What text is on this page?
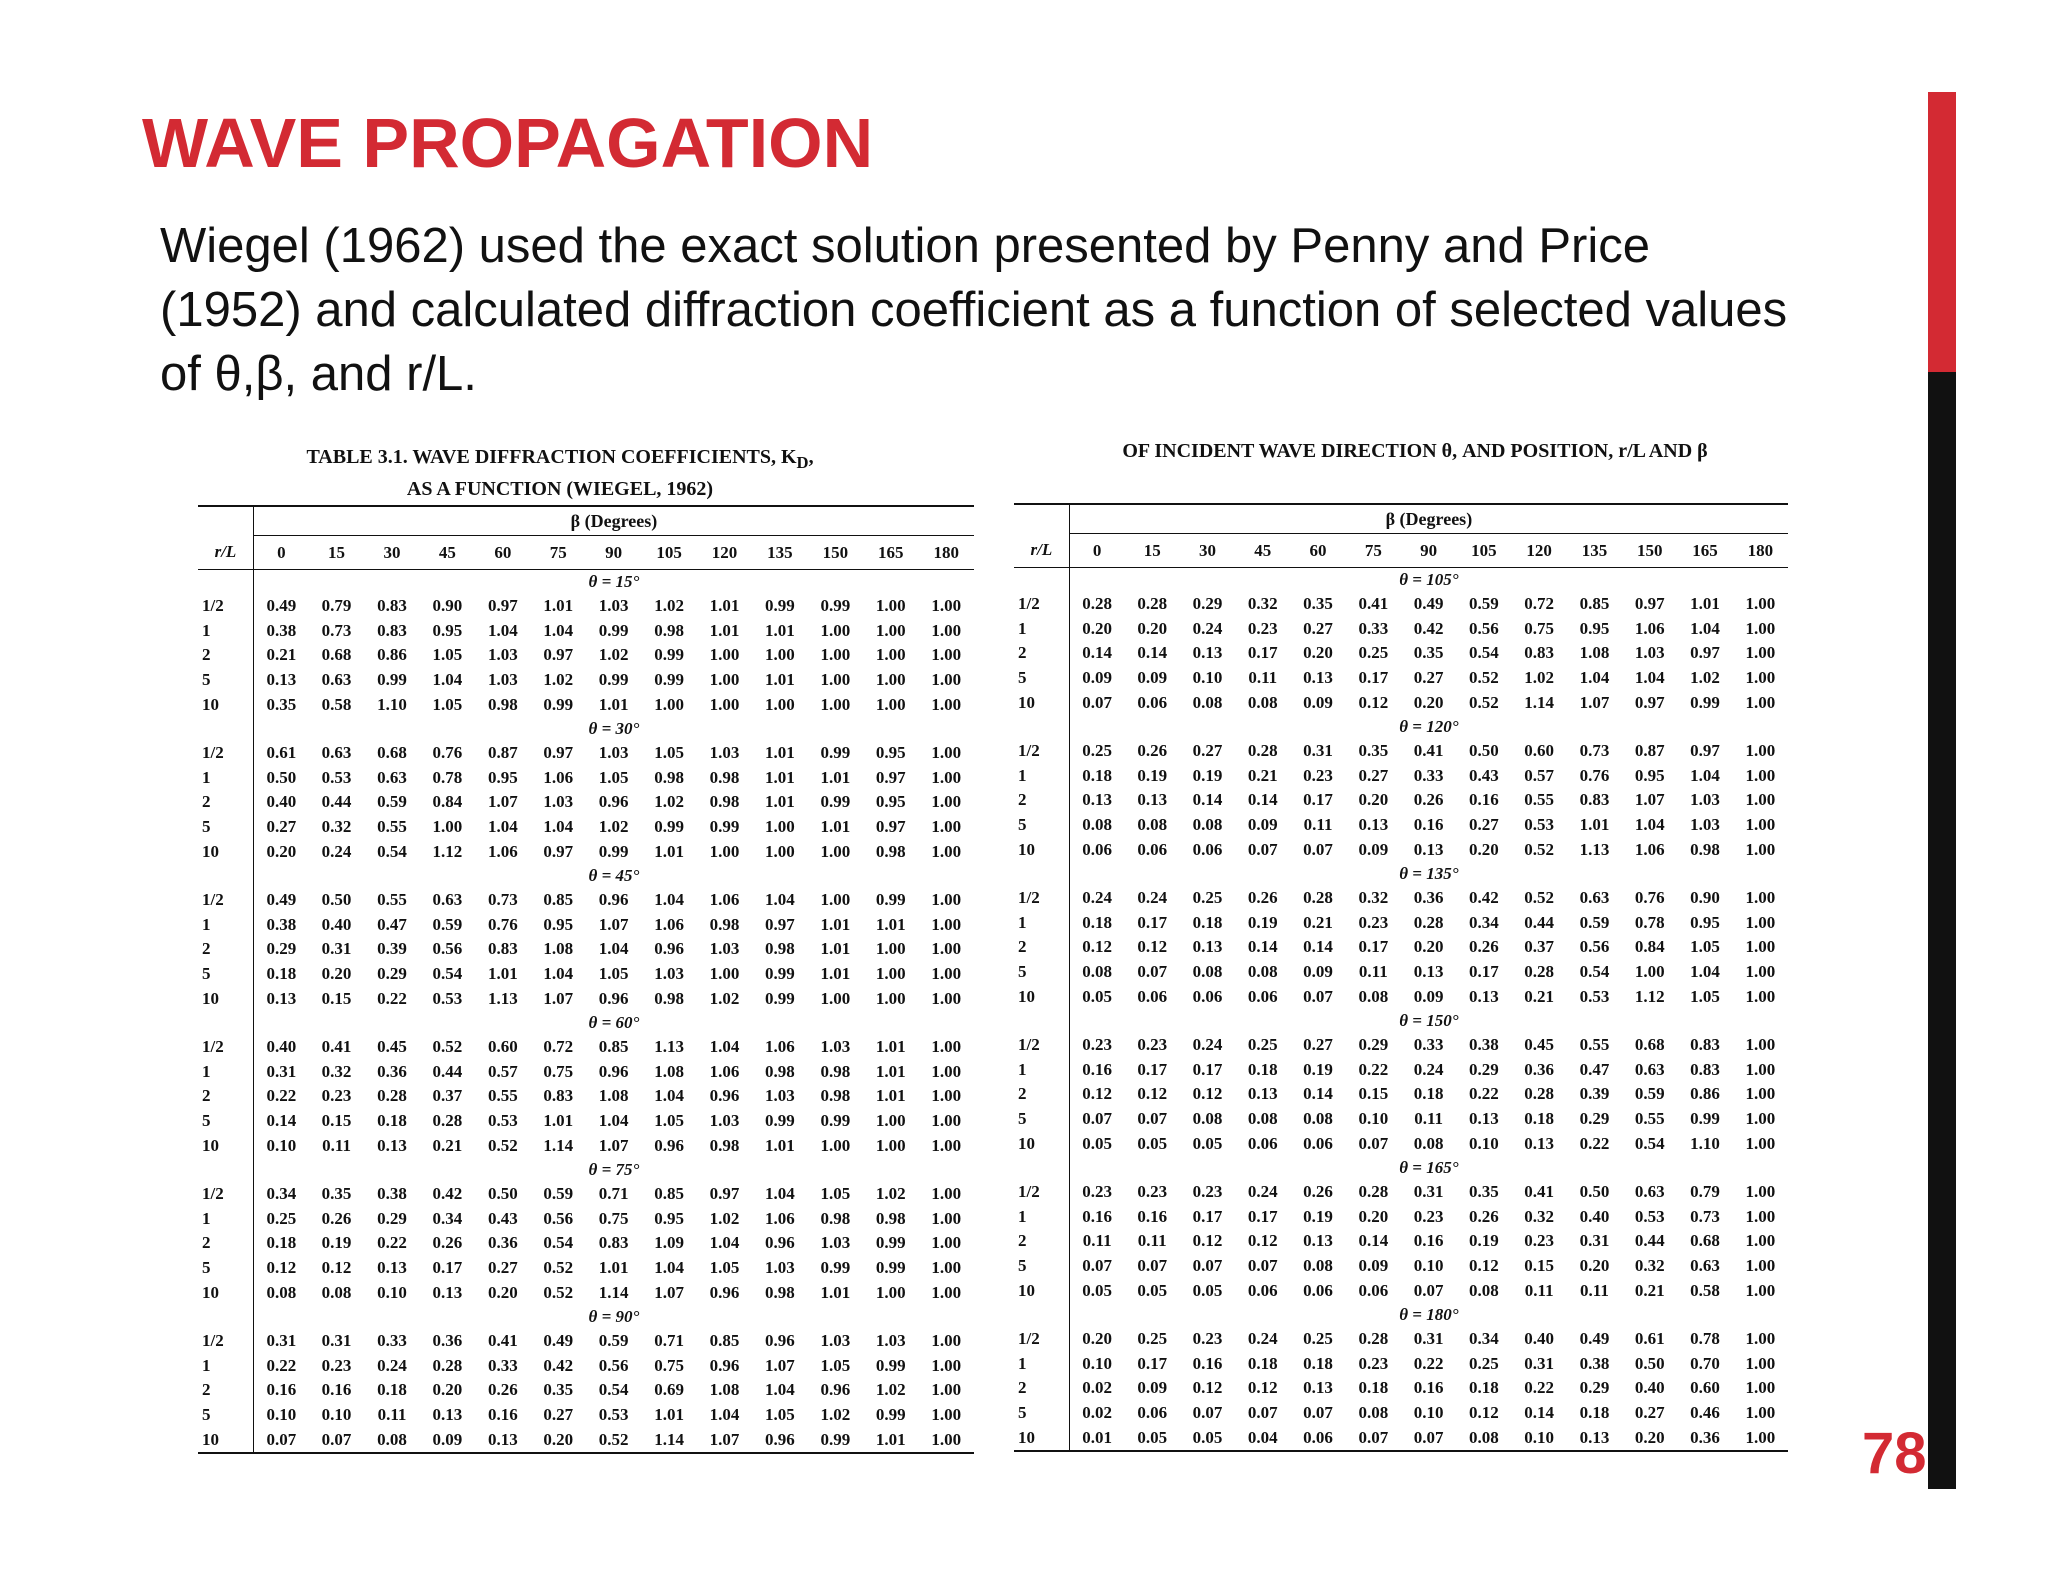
WAVE PROPAGATION

Wiegel (1962) used the exact solution presented by Penny and Price
(1952) and calculated diffraction coefficient as a function of selected values
of θ,β, and r/L.

TABLE 3.1. WAVE DIFFRACTION COEFFICIENTS, $K_D$,
AS A FUNCTION (WIEGEL, 1962)
OF INCIDENT WAVE DIRECTION θ, AND POSITION, r/L AND β
	β (Degrees)												
r/L	0	15	30	45	60	75	90	105	120	135	150	165	180
	θ = 15°												
1/2	0.49	0.79	0.83	0.90	0.97	1.01	1.03	1.02	1.01	0.99	0.99	1.00	1.00
1	0.38	0.73	0.83	0.95	1.04	1.04	0.99	0.98	1.01	1.01	1.00	1.00	1.00
2	0.21	0.68	0.86	1.05	1.03	0.97	1.02	0.99	1.00	1.00	1.00	1.00	1.00
5	0.13	0.63	0.99	1.04	1.03	1.02	0.99	0.99	1.00	1.01	1.00	1.00	1.00
10	0.35	0.58	1.10	1.05	0.98	0.99	1.01	1.00	1.00	1.00	1.00	1.00	1.00
	θ = 30°												
1/2	0.61	0.63	0.68	0.76	0.87	0.97	1.03	1.05	1.03	1.01	0.99	0.95	1.00
1	0.50	0.53	0.63	0.78	0.95	1.06	1.05	0.98	0.98	1.01	1.01	0.97	1.00
2	0.40	0.44	0.59	0.84	1.07	1.03	0.96	1.02	0.98	1.01	0.99	0.95	1.00
5	0.27	0.32	0.55	1.00	1.04	1.04	1.02	0.99	0.99	1.00	1.01	0.97	1.00
10	0.20	0.24	0.54	1.12	1.06	0.97	0.99	1.01	1.00	1.00	1.00	0.98	1.00
	θ = 45°												
1/2	0.49	0.50	0.55	0.63	0.73	0.85	0.96	1.04	1.06	1.04	1.00	0.99	1.00
1	0.38	0.40	0.47	0.59	0.76	0.95	1.07	1.06	0.98	0.97	1.01	1.01	1.00
2	0.29	0.31	0.39	0.56	0.83	1.08	1.04	0.96	1.03	0.98	1.01	1.00	1.00
5	0.18	0.20	0.29	0.54	1.01	1.04	1.05	1.03	1.00	0.99	1.01	1.00	1.00
10	0.13	0.15	0.22	0.53	1.13	1.07	0.96	0.98	1.02	0.99	1.00	1.00	1.00
	θ = 60°												
1/2	0.40	0.41	0.45	0.52	0.60	0.72	0.85	1.13	1.04	1.06	1.03	1.01	1.00
1	0.31	0.32	0.36	0.44	0.57	0.75	0.96	1.08	1.06	0.98	0.98	1.01	1.00
2	0.22	0.23	0.28	0.37	0.55	0.83	1.08	1.04	0.96	1.03	0.98	1.01	1.00
5	0.14	0.15	0.18	0.28	0.53	1.01	1.04	1.05	1.03	0.99	0.99	1.00	1.00
10	0.10	0.11	0.13	0.21	0.52	1.14	1.07	0.96	0.98	1.01	1.00	1.00	1.00
	θ = 75°												
1/2	0.34	0.35	0.38	0.42	0.50	0.59	0.71	0.85	0.97	1.04	1.05	1.02	1.00
1	0.25	0.26	0.29	0.34	0.43	0.56	0.75	0.95	1.02	1.06	0.98	0.98	1.00
2	0.18	0.19	0.22	0.26	0.36	0.54	0.83	1.09	1.04	0.96	1.03	0.99	1.00
5	0.12	0.12	0.13	0.17	0.27	0.52	1.01	1.04	1.05	1.03	0.99	0.99	1.00
10	0.08	0.08	0.10	0.13	0.20	0.52	1.14	1.07	0.96	0.98	1.01	1.00	1.00
	θ = 90°												
1/2	0.31	0.31	0.33	0.36	0.41	0.49	0.59	0.71	0.85	0.96	1.03	1.03	1.00
1	0.22	0.23	0.24	0.28	0.33	0.42	0.56	0.75	0.96	1.07	1.05	0.99	1.00
2	0.16	0.16	0.18	0.20	0.26	0.35	0.54	0.69	1.08	1.04	0.96	1.02	1.00
5	0.10	0.10	0.11	0.13	0.16	0.27	0.53	1.01	1.04	1.05	1.02	0.99	1.00
10	0.07	0.07	0.08	0.09	0.13	0.20	0.52	1.14	1.07	0.96	0.99	1.01	1.00
	β (Degrees)												
r/L	0	15	30	45	60	75	90	105	120	135	150	165	180
	θ = 105°												
1/2	0.28	0.28	0.29	0.32	0.35	0.41	0.49	0.59	0.72	0.85	0.97	1.01	1.00
1	0.20	0.20	0.24	0.23	0.27	0.33	0.42	0.56	0.75	0.95	1.06	1.04	1.00
2	0.14	0.14	0.13	0.17	0.20	0.25	0.35	0.54	0.83	1.08	1.03	0.97	1.00
5	0.09	0.09	0.10	0.11	0.13	0.17	0.27	0.52	1.02	1.04	1.04	1.02	1.00
10	0.07	0.06	0.08	0.08	0.09	0.12	0.20	0.52	1.14	1.07	0.97	0.99	1.00
	θ = 120°												
1/2	0.25	0.26	0.27	0.28	0.31	0.35	0.41	0.50	0.60	0.73	0.87	0.97	1.00
1	0.18	0.19	0.19	0.21	0.23	0.27	0.33	0.43	0.57	0.76	0.95	1.04	1.00
2	0.13	0.13	0.14	0.14	0.17	0.20	0.26	0.16	0.55	0.83	1.07	1.03	1.00
5	0.08	0.08	0.08	0.09	0.11	0.13	0.16	0.27	0.53	1.01	1.04	1.03	1.00
10	0.06	0.06	0.06	0.07	0.07	0.09	0.13	0.20	0.52	1.13	1.06	0.98	1.00
	θ = 135°												
1/2	0.24	0.24	0.25	0.26	0.28	0.32	0.36	0.42	0.52	0.63	0.76	0.90	1.00
1	0.18	0.17	0.18	0.19	0.21	0.23	0.28	0.34	0.44	0.59	0.78	0.95	1.00
2	0.12	0.12	0.13	0.14	0.14	0.17	0.20	0.26	0.37	0.56	0.84	1.05	1.00
5	0.08	0.07	0.08	0.08	0.09	0.11	0.13	0.17	0.28	0.54	1.00	1.04	1.00
10	0.05	0.06	0.06	0.06	0.07	0.08	0.09	0.13	0.21	0.53	1.12	1.05	1.00
	θ = 150°												
1/2	0.23	0.23	0.24	0.25	0.27	0.29	0.33	0.38	0.45	0.55	0.68	0.83	1.00
1	0.16	0.17	0.17	0.18	0.19	0.22	0.24	0.29	0.36	0.47	0.63	0.83	1.00
2	0.12	0.12	0.12	0.13	0.14	0.15	0.18	0.22	0.28	0.39	0.59	0.86	1.00
5	0.07	0.07	0.08	0.08	0.08	0.10	0.11	0.13	0.18	0.29	0.55	0.99	1.00
10	0.05	0.05	0.05	0.06	0.06	0.07	0.08	0.10	0.13	0.22	0.54	1.10	1.00
	θ = 165°												
1/2	0.23	0.23	0.23	0.24	0.26	0.28	0.31	0.35	0.41	0.50	0.63	0.79	1.00
1	0.16	0.16	0.17	0.17	0.19	0.20	0.23	0.26	0.32	0.40	0.53	0.73	1.00
2	0.11	0.11	0.12	0.12	0.13	0.14	0.16	0.19	0.23	0.31	0.44	0.68	1.00
5	0.07	0.07	0.07	0.07	0.08	0.09	0.10	0.12	0.15	0.20	0.32	0.63	1.00
10	0.05	0.05	0.05	0.06	0.06	0.06	0.07	0.08	0.11	0.11	0.21	0.58	1.00
	θ = 180°												
1/2	0.20	0.25	0.23	0.24	0.25	0.28	0.31	0.34	0.40	0.49	0.61	0.78	1.00
1	0.10	0.17	0.16	0.18	0.18	0.23	0.22	0.25	0.31	0.38	0.50	0.70	1.00
2	0.02	0.09	0.12	0.12	0.13	0.18	0.16	0.18	0.22	0.29	0.40	0.60	1.00
5	0.02	0.06	0.07	0.07	0.07	0.08	0.10	0.12	0.14	0.18	0.27	0.46	1.00
10	0.01	0.05	0.05	0.04	0.06	0.07	0.07	0.08	0.10	0.13	0.20	0.36	1.00 78
